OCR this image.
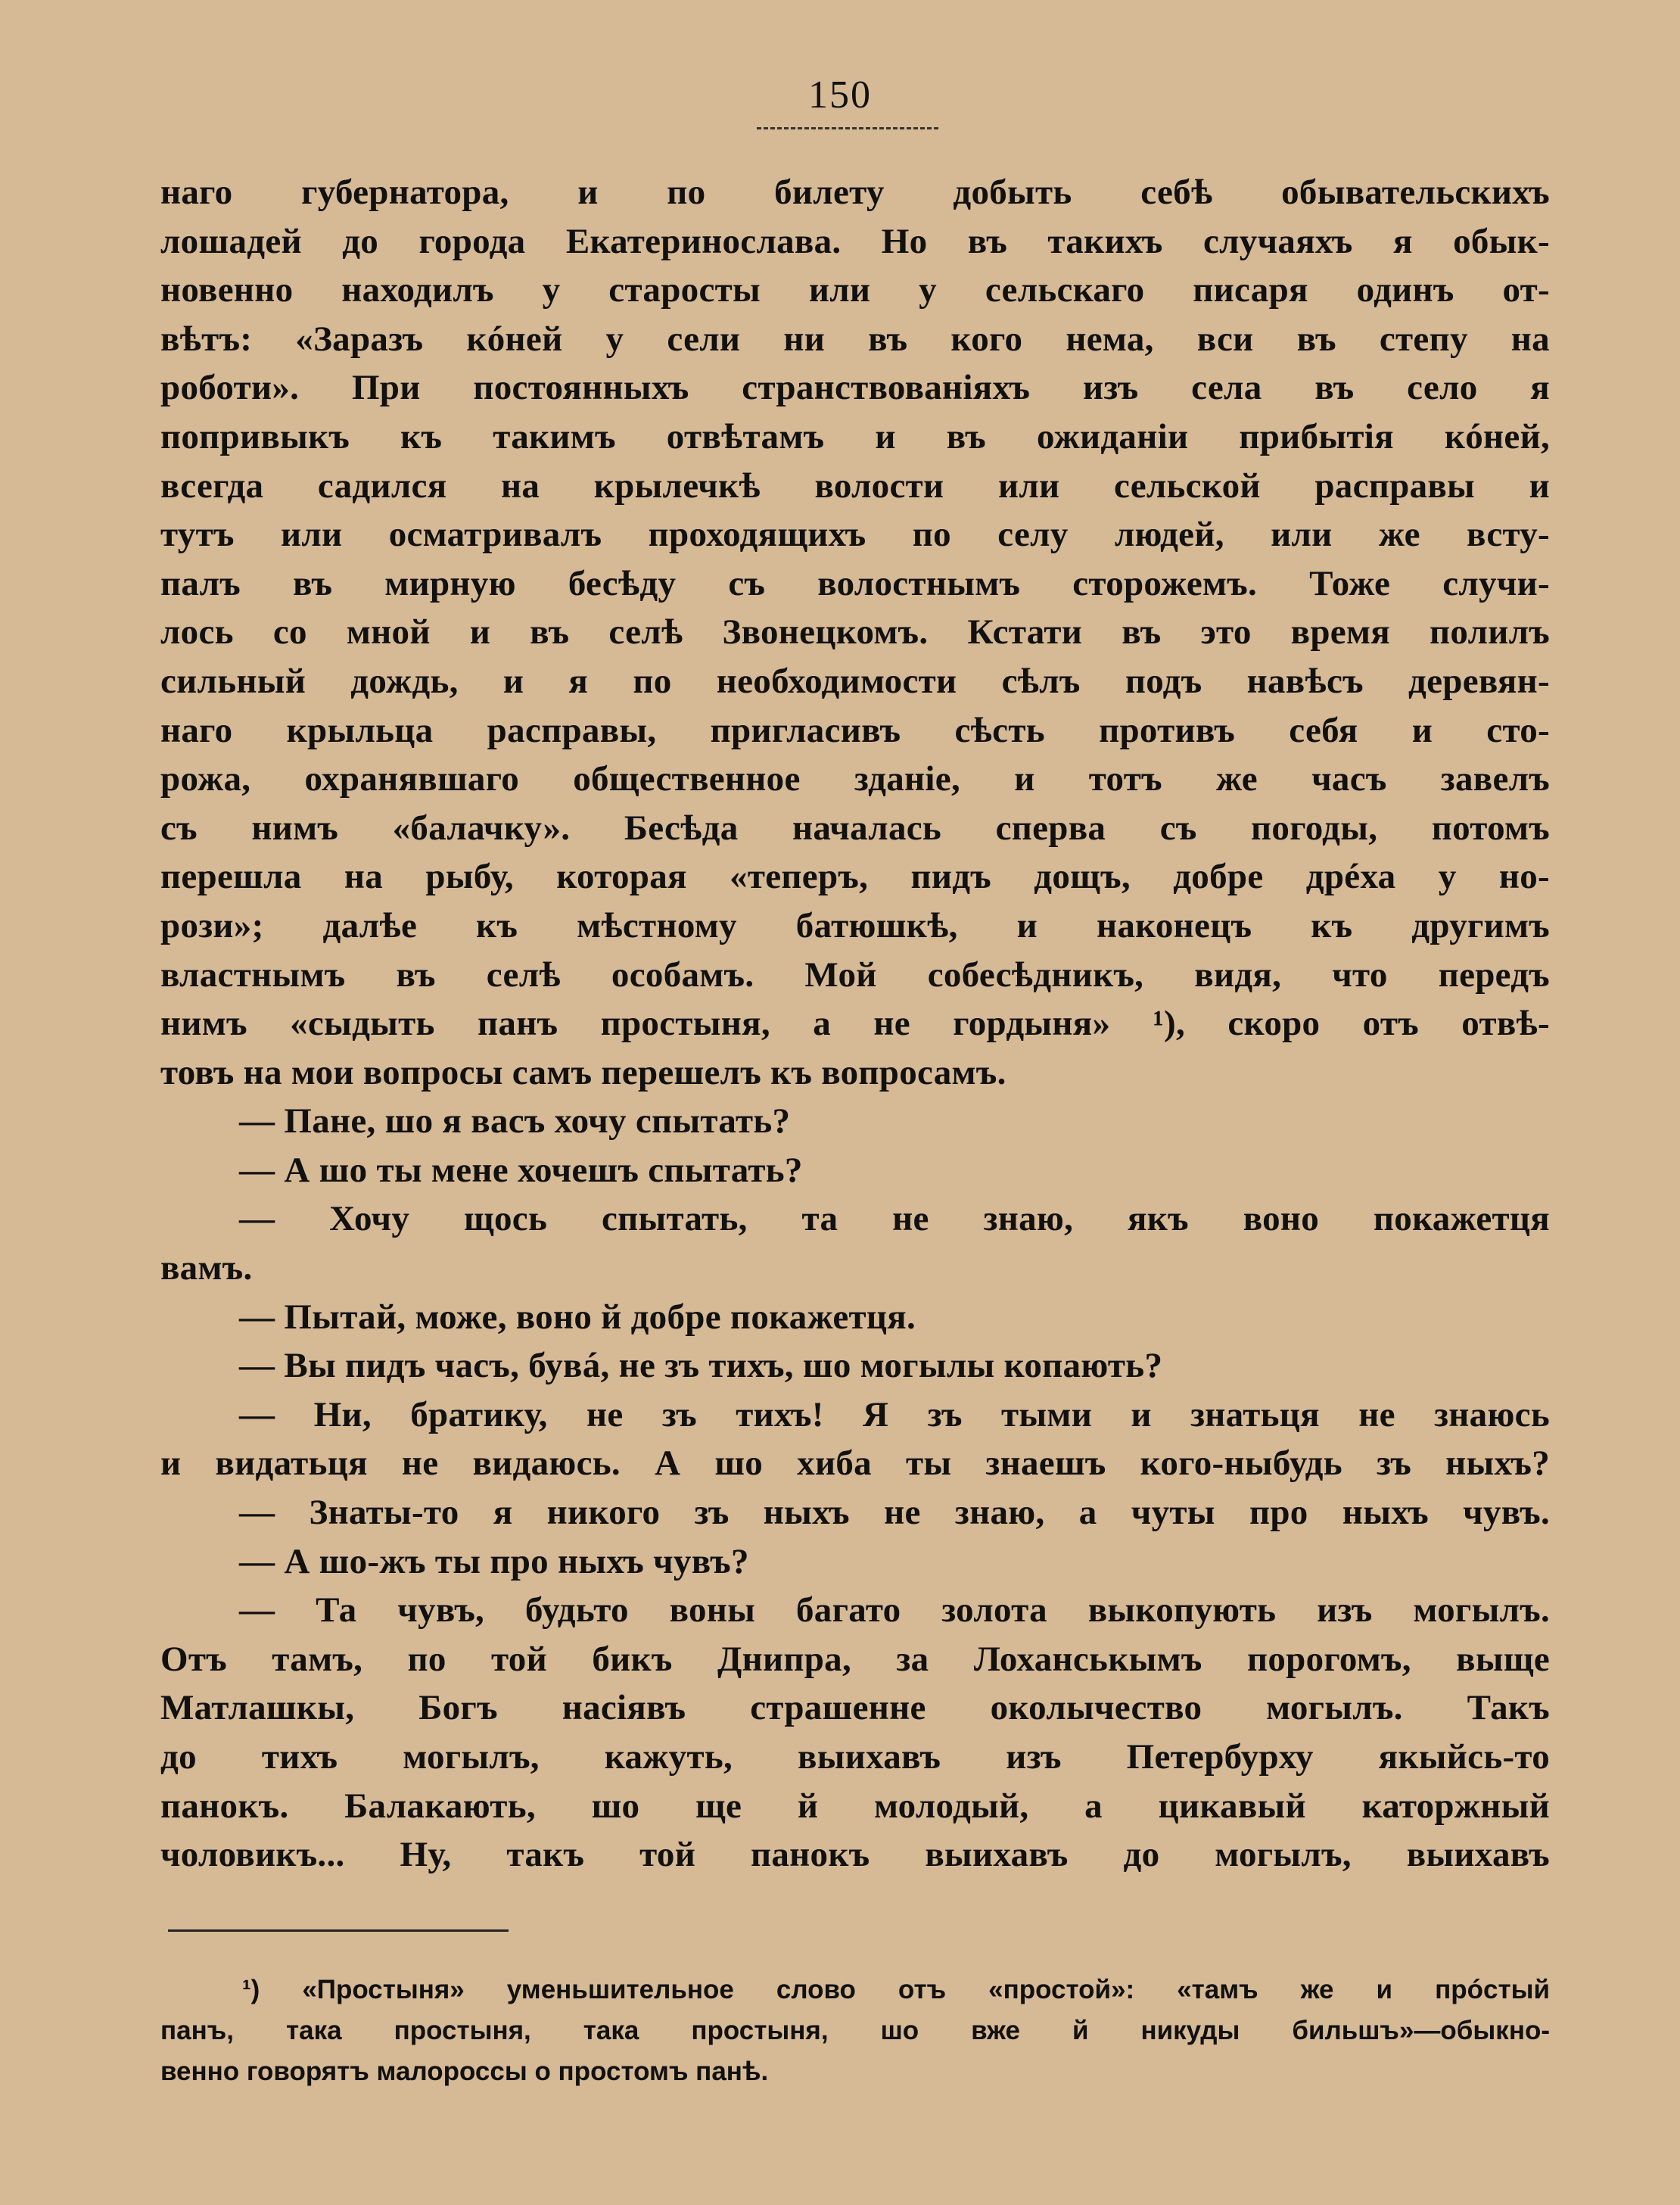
150
наго губернатора, и по билету добыть себѣ обывательскихъ
лошадей до города Екатеринослава. Но въ такихъ случаяхъ я обык-
новенно находилъ у старосты или у сельскаго писаря одинъ от-
вѣтъ: «Заразъ кóней у сели ни въ кого нема, вси въ степу на
роботи». При постоянныхъ странствованіяхъ изъ села въ село я
попривыкъ къ такимъ отвѣтамъ и въ ожиданіи прибытія кóней,
всегда садился на крылечкѣ волости или сельской расправы и
тутъ или осматривалъ проходящихъ по селу людей, или же всту-
палъ въ мирную бесѣду съ волостнымъ сторожемъ. Тоже случи-
лось со мной и въ селѣ Звонецкомъ. Кстати въ это время полилъ
сильный дождь, и я по необходимости сѣлъ подъ навѣсъ деревян-
наго крыльца расправы, пригласивъ сѣсть противъ себя и сто-
рожа, охранявшаго общественное зданіе, и тотъ же часъ завелъ
съ нимъ «балачку». Бесѣда началась сперва съ погоды, потомъ
перешла на рыбу, которая «теперъ, пидъ дощъ, добре дрéха у но-
рози»; далѣе къ мѣстному батюшкѣ, и наконецъ къ другимъ
властнымъ въ селѣ особамъ. Мой собесѣдникъ, видя, что передъ
нимъ «сыдыть панъ простыня, а не гордыня» ¹), скоро отъ отвѣ-
товъ на мои вопросы самъ перешелъ къ вопросамъ.
— Пане, шо я васъ хочу спытать?
— А шо ты мене хочешъ спытать?
— Хочу щось спытать, та не знаю, якъ воно покажетця
вамъ.
— Пытай, може, воно й добре покажетця.
— Вы пидъ часъ, бувá, не зъ тихъ, шо могылы копають?
— Ни, братику, не зъ тихъ! Я зъ тыми и знатьця не знаюсь
и видатьця не видаюсь. А шо хиба ты знаешъ кого-ныбудь зъ ныхъ?
— Знаты-то я никого зъ ныхъ не знаю, а чуты про ныхъ чувъ.
— А шо-жъ ты про ныхъ чувъ?
— Та чувъ, будьто воны багато золота выкопують изъ могылъ.
Отъ тамъ, по той бикъ Днипра, за Лоханськымъ порогомъ, выще
Матлашкы, Богъ насіявъ страшенне околычество могылъ. Такъ
до тихъ могылъ, кажуть, выихавъ изъ Петербурху якыйсь-то
панокъ. Балакають, шо ще й молодый, а цикавый каторжный
чоловикъ... Ну, такъ той панокъ выихавъ до могылъ, выихавъ
¹) «Простыня» уменьшительное слово отъ «простой»: «тамъ же и прóстый
панъ, така простыня, така простыня, шо вже й никуды бильшъ»—обыкно-
венно говорятъ малороссы о простомъ панѣ.
